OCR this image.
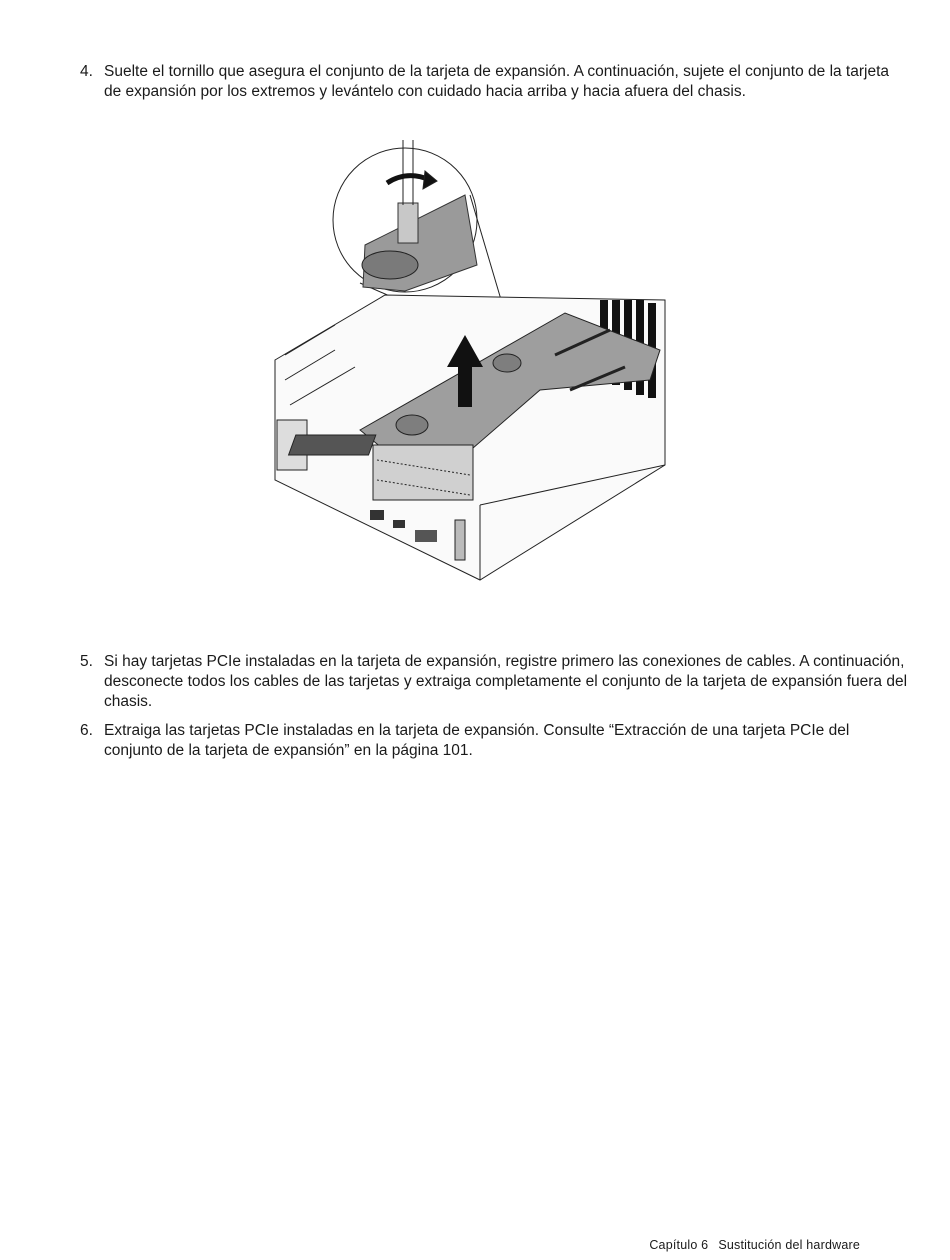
4. Suelte el tornillo que asegura el conjunto de la tarjeta de expansión. A continuación, sujete el conjunto de la tarjeta de expansión por los extremos y levántelo con cuidado hacia arriba y hacia afuera del chasis.
5. Si hay tarjetas PCIe instaladas en la tarjeta de expansión, registre primero las conexiones de cables. A continuación, desconecte todos los cables de las tarjetas y extraiga completamente el conjunto de la tarjeta de expansión fuera del chasis.
6. Extraiga las tarjetas PCIe instaladas en la tarjeta de expansión. Consulte “Extracción de una tarjeta PCIe del conjunto de la tarjeta de expansión” en la página 101.
Capítulo 6 Sustitución del hardware
